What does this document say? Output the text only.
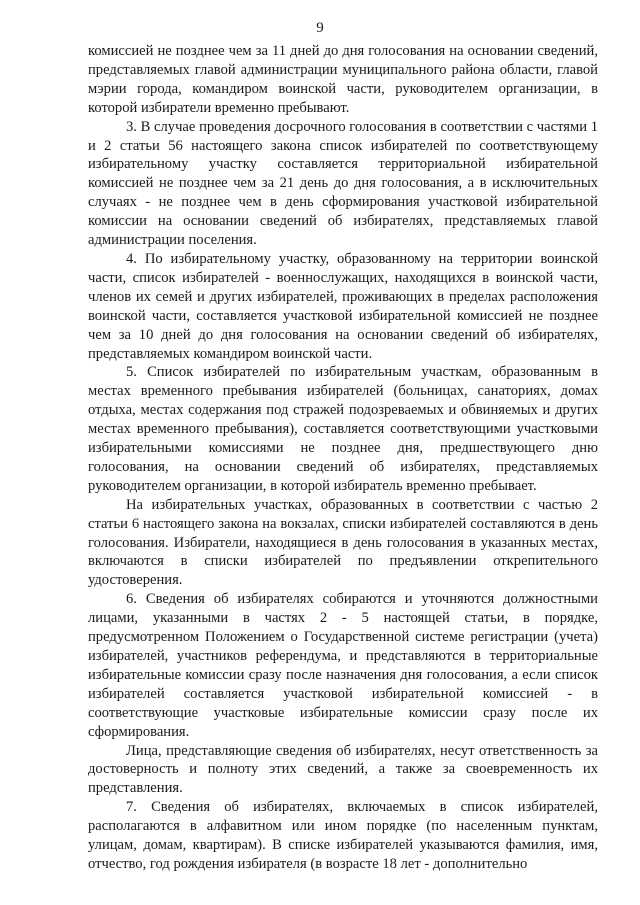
9

комиссией не позднее чем за 11 дней до дня голосования на основании сведений, представляемых главой администрации муниципального района области, главой мэрии города, командиром воинской части, руководителем организации, в которой избиратели временно пребывают.

3. В случае проведения досрочного голосования в соответствии с частями 1 и 2 статьи 56 настоящего закона список избирателей по соответствующему избирательному участку составляется территориальной избирательной комиссией не позднее чем за 21 день до дня голосования, а в исключительных случаях - не позднее чем в день сформирования участковой избирательной комиссии на основании сведений об избирателях, представляемых главой администрации поселения.

4. По избирательному участку, образованному на территории воинской части, список избирателей - военнослужащих, находящихся в воинской части, членов их семей и других избирателей, проживающих в пределах расположения воинской части, составляется участковой избирательной комиссией не позднее чем за 10 дней до дня голосования на основании сведений об избирателях, представляемых командиром воинской части.

5. Список избирателей по избирательным участкам, образованным в местах временного пребывания избирателей (больницах, санаториях, домах отдыха, местах содержания под стражей подозреваемых и обвиняемых и других местах временного пребывания), составляется соответствующими участковыми избирательными комиссиями не позднее дня, предшествующего дню голосования, на основании сведений об избирателях, представляемых руководителем организации, в которой избиратель временно пребывает.

На избирательных участках, образованных в соответствии с частью 2 статьи 6 настоящего закона на вокзалах, списки избирателей составляются в день голосования. Избиратели, находящиеся в день голосования в указанных местах, включаются в списки избирателей по предъявлении открепительного удостоверения.

6. Сведения об избирателях собираются и уточняются должностными лицами, указанными в частях 2 - 5 настоящей статьи, в порядке, предусмотренном Положением о Государственной системе регистрации (учета) избирателей, участников референдума, и представляются в территориальные избирательные комиссии сразу после назначения дня голосования, а если список избирателей составляется участковой избирательной комиссией - в соответствующие участковые избирательные комиссии сразу после их сформирования.

Лица, представляющие сведения об избирателях, несут ответственность за достоверность и полноту этих сведений, а также за своевременность их представления.

7. Сведения об избирателях, включаемых в список избирателей, располагаются в алфавитном или ином порядке (по населенным пунктам, улицам, домам, квартирам). В списке избирателей указываются фамилия, имя, отчество, год рождения избирателя (в возрасте 18 лет - дополнительно
